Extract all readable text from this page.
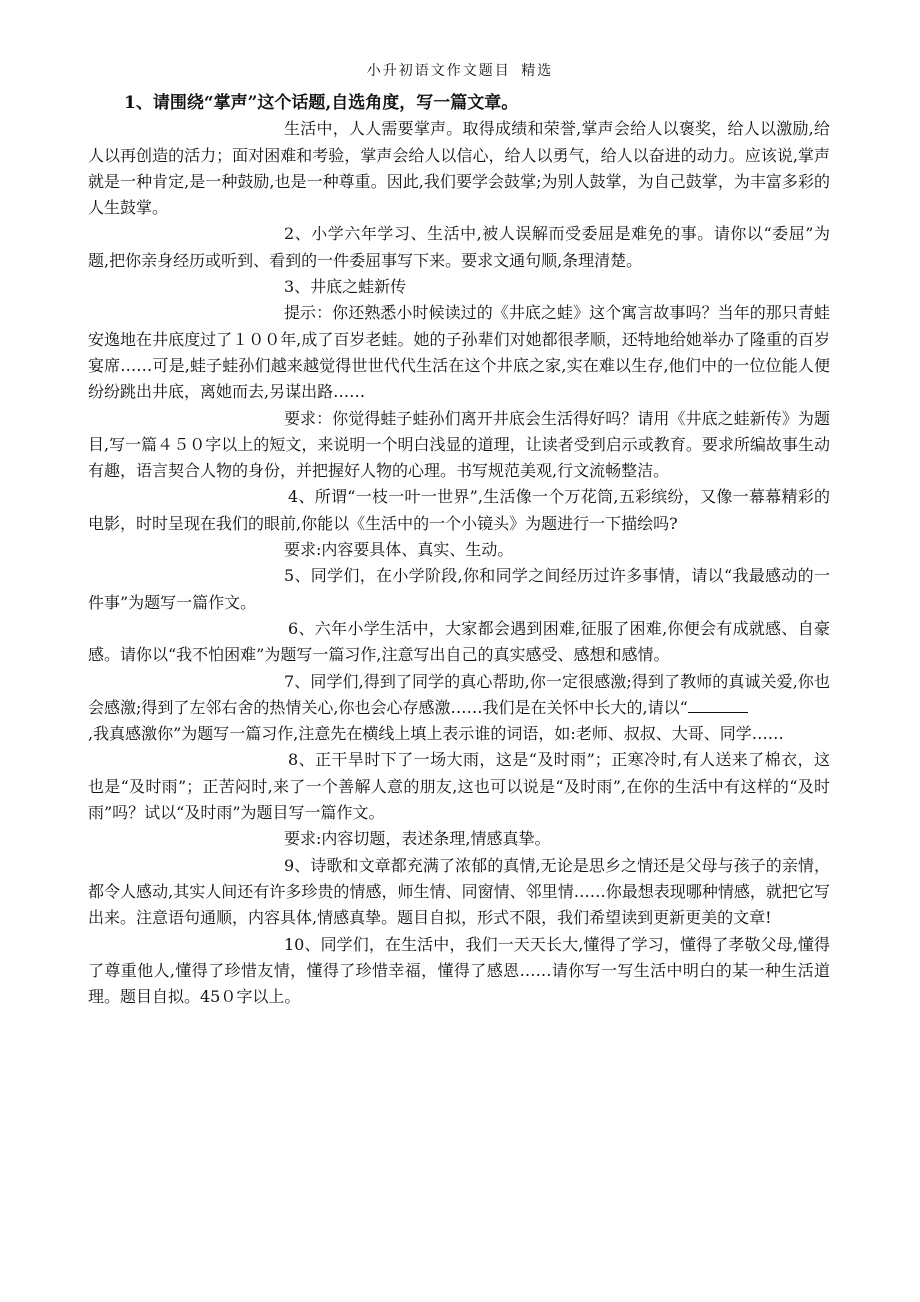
小升初语文作文题目 精选

1、请围绕“掌声”这个话题,自选角度，写一篇文章。

生活中，人人需要掌声。取得成绩和荣誉,掌声会给人以褒奖，给人以激励,给人以再创造的活力；面对困难和考验，掌声会给人以信心，给人以勇气，给人以奋进的动力。应该说,掌声就是一种肯定,是一种鼓励,也是一种尊重。因此,我们要学会鼓掌;为别人鼓掌，为自己鼓掌，为丰富多彩的人生鼓掌。

2、小学六年学习、生活中,被人误解而受委屈是难免的事。请你以“委屈”为题,把你亲身经历或听到、看到的一件委屈事写下来。要求文通句顺,条理清楚。

3、井底之蛙新传

提示：你还熟悉小时候读过的《井底之蛙》这个寓言故事吗？当年的那只青蛙安逸地在井底度过了１００年,成了百岁老蛙。她的子孙辈们对她都很孝顺，还特地给她举办了隆重的百岁宴席……可是,蛙子蛙孙们越来越觉得世世代代生活在这个井底之家,实在难以生存,他们中的一位位能人便纷纷跳出井底，离她而去,另谋出路……

要求：你觉得蛙子蛙孙们离开井底会生活得好吗？请用《井底之蛙新传》为题目,写一篇４５０字以上的短文，来说明一个明白浅显的道理，让读者受到启示或教育。要求所编故事生动有趣，语言契合人物的身份，并把握好人物的心理。书写规范美观,行文流畅整洁。

4、所谓“一枝一叶一世界”,生活像一个万花筒,五彩缤纷，又像一幕幕精彩的电影，时时呈现在我们的眼前,你能以《生活中的一个小镜头》为题进行一下描绘吗?

要求:内容要具体、真实、生动。

5、同学们，在小学阶段,你和同学之间经历过许多事情，请以“我最感动的一件事”为题写一篇作文。

6、六年小学生活中，大家都会遇到困难,征服了困难,你便会有成就感、自豪感。请你以“我不怕困难”为题写一篇习作,注意写出自己的真实感受、感想和感情。

7、同学们,得到了同学的真心帮助,你一定很感激;得到了教师的真诚关爱,你也会感激;得到了左邻右舍的热情关心,你也会心存感激……我们是在关怀中长大的,请以“

,我真感激你”为题写一篇习作,注意先在横线上填上表示谁的词语，如:老师、叔叔、大哥、同学……

8、正干旱时下了一场大雨，这是“及时雨”；正寒冷时,有人送来了棉衣，这也是“及时雨”；正苦闷时,来了一个善解人意的朋友,这也可以说是“及时雨”,在你的生活中有这样的“及时雨”吗？试以“及时雨”为题目写一篇作文。

要求:内容切题，表述条理,情感真挚。

9、诗歌和文章都充满了浓郁的真情,无论是思乡之情还是父母与孩子的亲情，都令人感动,其实人间还有许多珍贵的情感，师生情、同窗情、邻里情……你最想表现哪种情感，就把它写出来。注意语句通顺，内容具体,情感真挚。题目自拟，形式不限，我们希望读到更新更美的文章!

10、同学们，在生活中，我们一天天长大,懂得了学习，懂得了孝敬父母,懂得了尊重他人,懂得了珍惜友情，懂得了珍惜幸福，懂得了感恩……请你写一写生活中明白的某一种生活道理。题目自拟。45０字以上。
